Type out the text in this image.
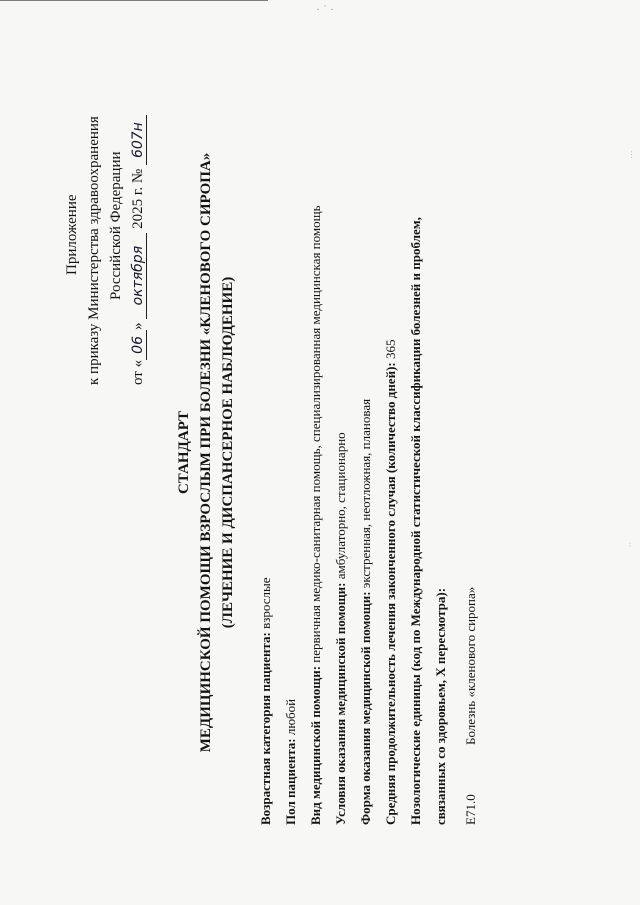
·˙·
···
··
Приложение к приказу Министерства здравоохранения Российской Федерации
от «06» октября 2025 г. № 607н
СТАНДАРТ МЕДИЦИНСКОЙ ПОМОЩИ ВЗРОСЛЫМ ПРИ БОЛЕЗНИ «КЛЕНОВОГО СИРОПА» (ЛЕЧЕНИЕ И ДИСПАНСЕРНОЕ НАБЛЮДЕНИЕ)
Возрастная категория пациента: взрослые
Пол пациента: любой Вид медицинской помощи: первичная медико-санитарная помощь, специализированная медицинская помощь
Условия оказания медицинской помощи: амбулаторно, стационарно
Форма оказания медицинской помощи: экстренная, неотложная, плановая Средняя продолжительность лечения законченного случая (количество дней): 365 Нозологические единицы (код по Международной статистической классификации болезней и проблем, связанных со здоровьем, X пересмотра): E71.0
Болезнь «кленового сиропа»
